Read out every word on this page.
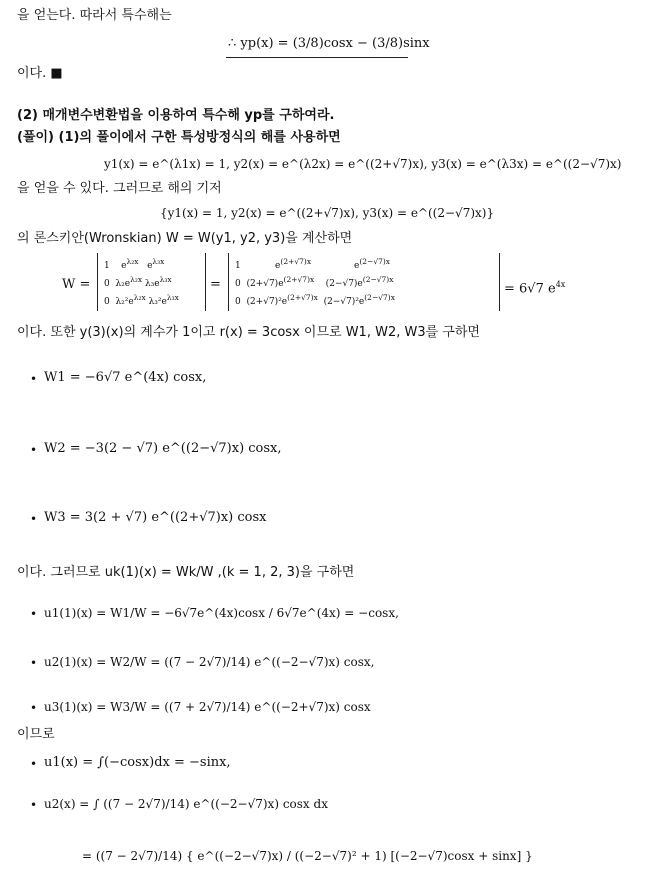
을 얻는다. 따라서 특수해는
이다. ■
(2) 매개변수변환법을 이용하여 특수해 yp를 구하여라.
(풀이) (1)의 풀이에서 구한 특성방정식의 해를 사용하면
을 얻을 수 있다. 그러므로 해의 기저
의 론스키안(Wronskian) W = W(y1, y2, y3)을 계산하면
이다. 또한 y(3)(x)의 계수가 1이고 r(x) = 3cosx 이므로 W1, W2, W3를 구하면
이다. 그러므로 uk(1)(x) = Wk/W ,(k = 1, 2, 3)을 구하면
이므로
∴ yp(x) = (3/8)cosx − (3/8)sinx
y1(x) = e^(λ1x) = 1, y2(x) = e^(λ2x) = e^((2+√7)x), y3(x) = e^(λ3x) = e^((2−√7)x)
{y1(x) = 1, y2(x) = e^((2+√7)x), y3(x) = e^((2−√7)x)}
W =
1    $e^{\lambda_2x}$   $e^{\lambda_3x}$
0  $\lambda_2e^{\lambda_2x}$ $\lambda_3e^{\lambda_3x}$
0  $\lambda_2^2e^{\lambda_2x}$ $\lambda_3^2e^{\lambda_3x}$
=
1            $e^{(2+√7)x}$               $e^{(2-√7)x}$
0  $(2+√7)e^{(2+√7)x}$    $(2-√7)e^{(2-√7)x}$
0  $(2+√7)^2e^{(2+√7)x}$  $(2-√7)^2e^{(2-√7)x}$
= 6√7 $e^{4x}$
• W1 = −6√7 e^(4x) cosx,
• W2 = −3(2 − √7) e^((2−√7)x) cosx,
• W3 = 3(2 + √7) e^((2+√7)x) cosx
• u1(1)(x) = W1/W = −6√7e^(4x)cosx / 6√7e^(4x) = −cosx,
• u2(1)(x) = W2/W = ((7 − 2√7)/14) e^((−2−√7)x) cosx,
• u3(1)(x) = W3/W = ((7 + 2√7)/14) e^((−2+√7)x) cosx
• u1(x) = ∫(−cosx)dx = −sinx,
• u2(x) = ∫ ((7 − 2√7)/14) e^((−2−√7)x) cosx dx
= ((7 − 2√7)/14) { e^((−2−√7)x) / ((−2−√7)² + 1) [(−2−√7)cosx + sinx] }
